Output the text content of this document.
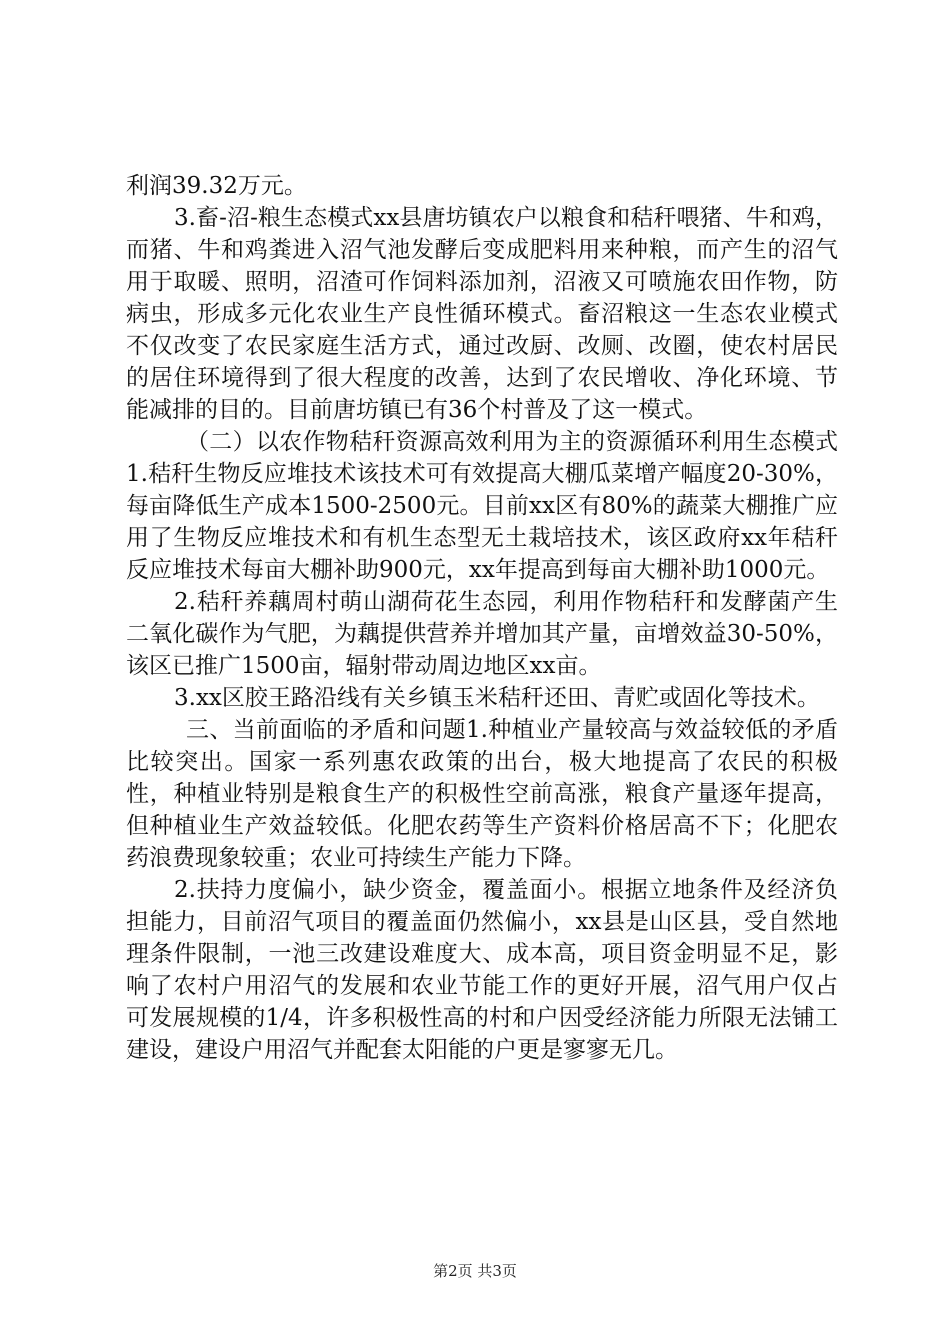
利润39.32万元。

3.畜-沼-粮生态模式xx县唐坊镇农户以粮食和秸秆喂猪、牛和鸡，而猪、牛和鸡粪进入沼气池发酵后变成肥料用来种粮，而产生的沼气用于取暖、照明，沼渣可作饲料添加剂，沼液又可喷施农田作物，防病虫，形成多元化农业生产良性循环模式。畜沼粮这一生态农业模式不仅改变了农民家庭生活方式，通过改厨、改厕、改圈，使农村居民的居住环境得到了很大程度的改善，达到了农民增收、净化环境、节能减排的目的。目前唐坊镇已有36个村普及了这一模式。

（二）以农作物秸秆资源高效利用为主的资源循环利用生态模式1.秸秆生物反应堆技术该技术可有效提高大棚瓜菜增产幅度20-30%，每亩降低生产成本1500-2500元。目前xx区有80%的蔬菜大棚推广应用了生物反应堆技术和有机生态型无土栽培技术，该区政府xx年秸秆反应堆技术每亩大棚补助900元，xx年提高到每亩大棚补助1000元。

2.秸秆养藕周村萌山湖荷花生态园，利用作物秸秆和发酵菌产生二氧化碳作为气肥，为藕提供营养并增加其产量，亩增效益30-50%，该区已推广1500亩，辐射带动周边地区xx亩。

3.xx区胶王路沿线有关乡镇玉米秸秆还田、青贮或固化等技术。

三、当前面临的矛盾和问题1.种植业产量较高与效益较低的矛盾比较突出。国家一系列惠农政策的出台，极大地提高了农民的积极性，种植业特别是粮食生产的积极性空前高涨，粮食产量逐年提高，但种植业生产效益较低。化肥农药等生产资料价格居高不下；化肥农药浪费现象较重；农业可持续生产能力下降。

2.扶持力度偏小，缺少资金，覆盖面小。根据立地条件及经济负担能力，目前沼气项目的覆盖面仍然偏小，xx县是山区县，受自然地理条件限制，一池三改建设难度大、成本高，项目资金明显不足，影响了农村户用沼气的发展和农业节能工作的更好开展，沼气用户仅占可发展规模的1/4，许多积极性高的村和户因受经济能力所限无法铺工建设，建设户用沼气并配套太阳能的户更是寥寥无几。

第2页 共3页
